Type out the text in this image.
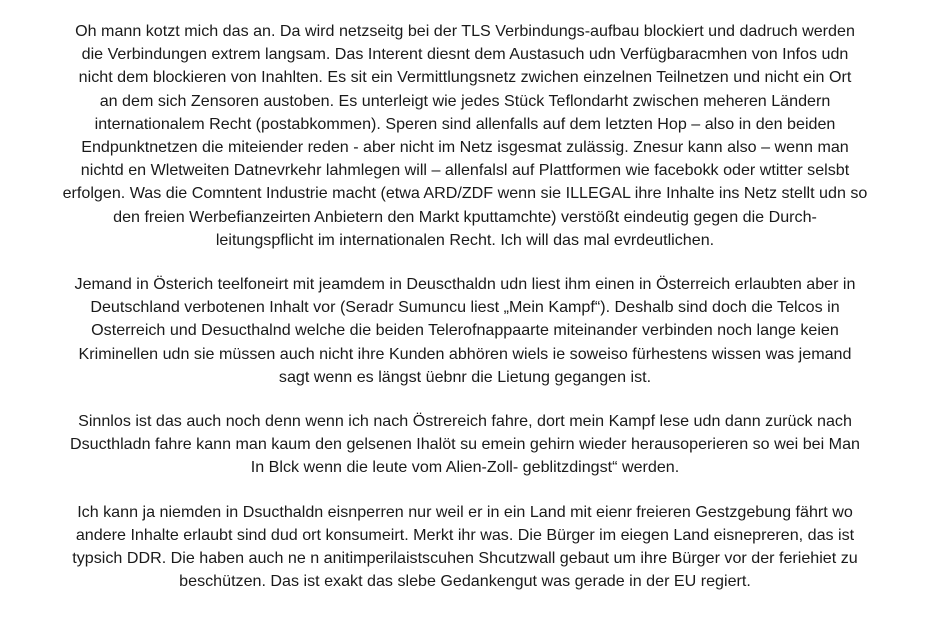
Oh mann kotzt mich das an. Da wird netzseitg bei der TLS Verbindungs-aufbau blockiert und dadruch werden
die Verbindungen extrem langsam. Das Interent diesnt dem Austasuch udn Verfügbaracmhen von Infos udn
nicht dem blockieren von Inahlten. Es sit ein Vermittlungsnetz zwichen einzelnen Teilnetzen und nicht ein Ort
an dem sich Zensoren austoben. Es unterleigt wie jedes Stück Teflondarht zwischen meheren Ländern
internationalem Recht (postabkommen). Speren sind allenfalls auf dem letzten Hop – also in den beiden
Endpunktnetzen die miteiender reden - aber nicht im Netz isgesmat zulässig. Znesur kann also – wenn man
nichtd en Wletweiten Datnevrkehr lahmlegen will – allenfalsl auf Plattformen wie facebokk oder wtitter selsbt
erfolgen. Was die Comntent Industrie macht (etwa ARD/ZDF wenn sie ILLEGAL ihre Inhalte ins Netz stellt udn so
den freien Werbefianzeirten Anbietern den Markt kputtamchte) verstößt eindeutig gegen die Durch-
leitungspflicht im internationalen Recht. Ich will das mal evrdeutlichen.
Jemand in Österich teelfoneirt mit jeamdem in Deuscthaldn udn liest ihm einen in Österreich erlaubten aber in
Deutschland verbotenen Inhalt vor (Seradr Sumuncu liest „Mein Kampf“). Deshalb sind doch die Telcos in
Osterreich und Desucthalnd welche die beiden Telerofnappaarte miteinander verbinden noch lange keien
Kriminellen udn sie müssen auch nicht ihre Kunden abhören wiels ie soweiso fürhestens wissen was jemand
sagt wenn es längst üebnr die Lietung gegangen ist.
Sinnlos ist das auch noch denn wenn ich nach Östrereich fahre, dort mein Kampf lese udn dann zurück nach
Dsucthladn fahre kann man kaum den gelsenen Ihalöt su emein gehirn wieder herausoperieren so wei bei Man
In Blck wenn die leute vom Alien-Zoll- geblitzdingst“ werden.
Ich kann ja niemden in Dsucthaldn eisnperren nur weil er in ein Land mit eienr freieren Gestzgebung fährt wo
andere Inhalte erlaubt sind dud ort konsumeirt. Merkt ihr was. Die Bürger im eiegen Land eisnepreren, das ist
typsich DDR. Die haben auch ne n anitimperilaistscuhen Shcutzwall gebaut um ihre Bürger vor der feriehiet zu
beschützen. Das ist exakt das slebe Gedankengut was gerade in der EU regiert.
